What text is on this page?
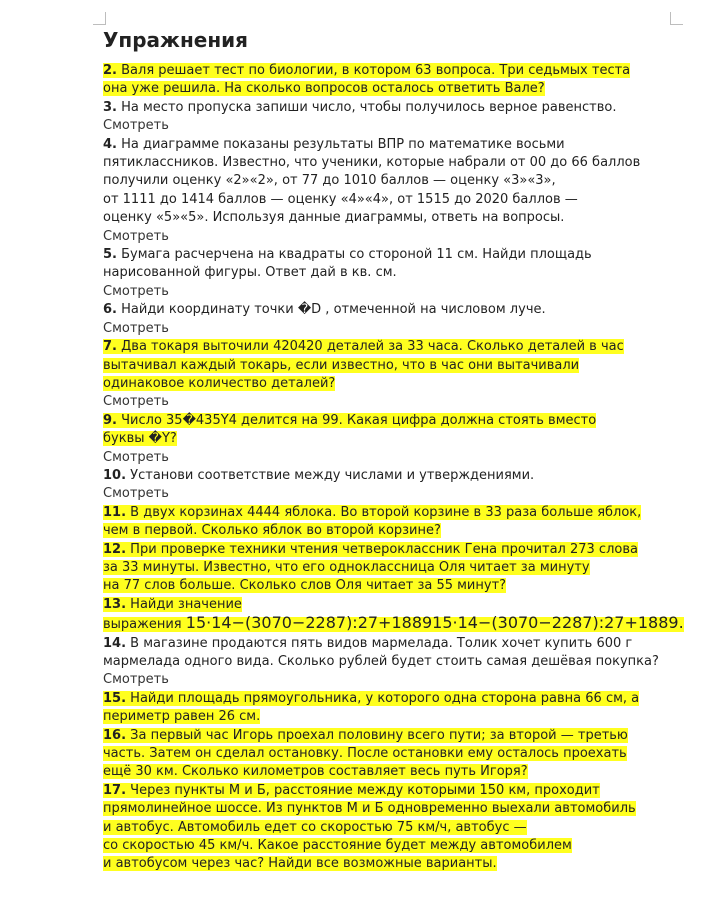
Упражнения

2. Валя решает тест по биологии, в котором 63 вопроса. Три седьмых теста

она уже решила. На сколько вопросов осталось ответить Вале?

3. На место пропуска запиши число, чтобы получилось верное равенство.

Смотреть

4. На диаграмме показаны результаты ВПР по математике восьми

пятиклассников. Известно, что ученики, которые набрали от 00 до 66 баллов

получили оценку «2»«2», от 77 до 1010 баллов — оценку «3»«3»,

от 1111 до 1414 баллов — оценку «4»«4», от 1515 до 2020 баллов —

оценку «5»«5». Используя данные диаграммы, ответь на вопросы.

Смотреть

5. Бумага расчерчена на квадраты со стороной 11 см. Найди площадь

нарисованной фигуры. Ответ дай в кв. см.

Смотреть

6. Найди координату точки �D , отмеченной на числовом луче.

Смотреть

7. Два токаря выточили 420420 деталей за 33 часа. Сколько деталей в час

вытачивал каждый токарь, если известно, что в час они вытачивали

одинаковое количество деталей?

Смотреть

9. Число 35�435Y4 делится на 99. Какая цифра должна стоять вместо

буквы �Y?

Смотреть

10. Установи соответствие между числами и утверждениями.

Смотреть

11. В двух корзинах 4444 яблока. Во второй корзине в 33 раза больше яблок,

чем в первой. Сколько яблок во второй корзине?

12. При проверке техники чтения четвероклассник Гена прочитал 273 слова

за 33 минуты. Известно, что его одноклассница Оля читает за минуту

на 77 слов больше. Сколько слов Оля читает за 55 минут?

13. Найди значение

выражения 15·14−(3070−2287):27+188915·14−(3070−2287):27+1889.

14. В магазине продаются пять видов мармелада. Толик хочет купить 600 г

мармелада одного вида. Сколько рублей будет стоить самая дешёвая покупка?

Смотреть

15. Найди площадь прямоугольника, у которого одна сторона равна 66 см, а

периметр равен 26 см.

16. За первый час Игорь проехал половину всего пути; за второй — третью

часть. Затем он сделал остановку. После остановки ему осталось проехать

ещё 30 км. Сколько километров составляет весь путь Игоря?

17. Через пункты М и Б, расстояние между которыми 150 км, проходит

прямолинейное шоссе. Из пунктов М и Б одновременно выехали автомобиль

и автобус. Автомобиль едет со скоростью 75 км/ч, автобус —

со скоростью 45 км/ч. Какое расстояние будет между автомобилем

и автобусом через час? Найди все возможные варианты.
